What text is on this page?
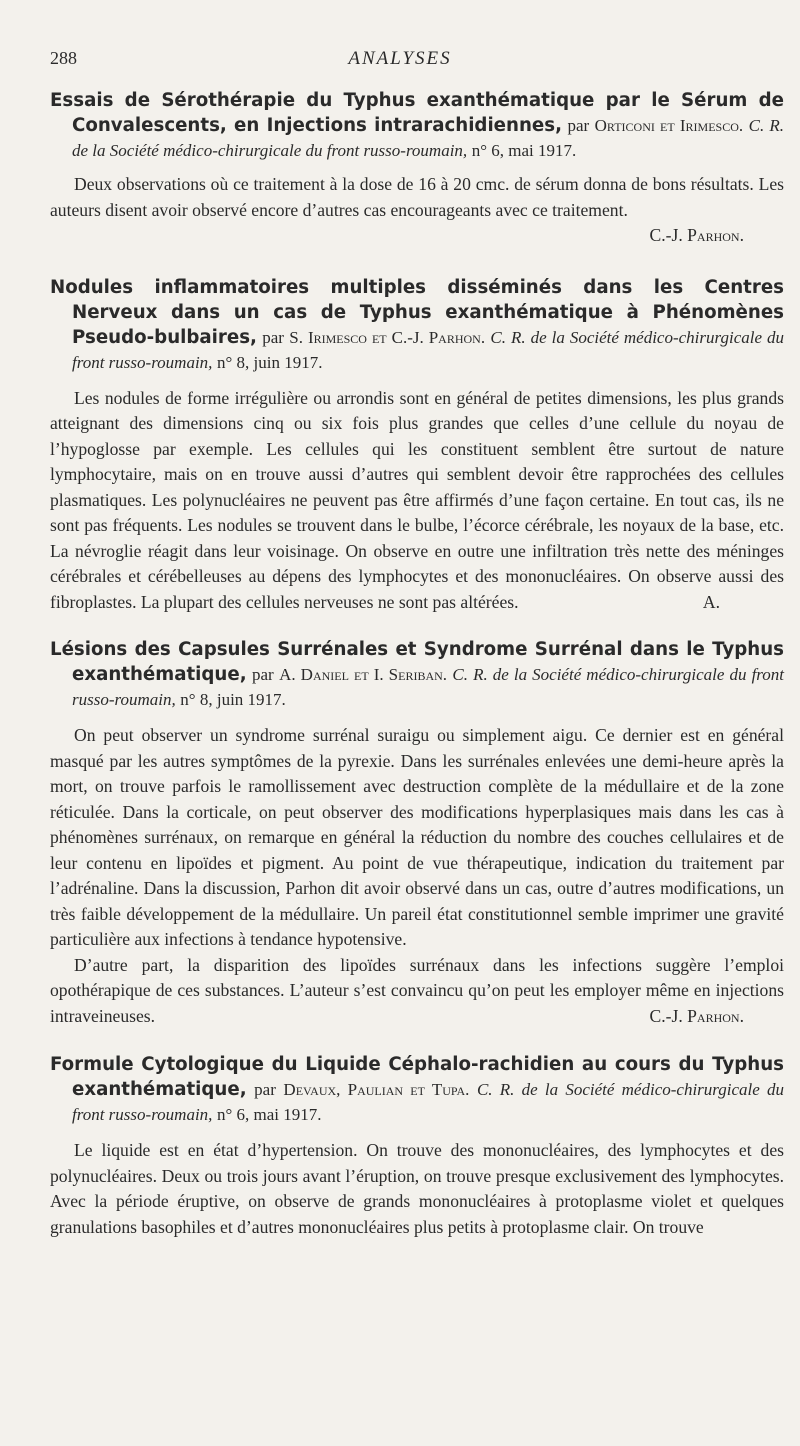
288	ANALYSES

Essais de Sérothérapie du Typhus exanthématique par le Sérum de Convalescents, en Injections intrarachidiennes, par Orticoni et Irimesco. C. R. de la Société médico-chirurgicale du front russo-roumain, n° 6, mai 1917.

Deux observations où ce traitement à la dose de 16 à 20 cmc. de sérum donna de bons résultats. Les auteurs disent avoir observé encore d’autres cas encourageants avec ce traitement.
C.-J. Parhon.

Nodules inflammatoires multiples disséminés dans les Centres Nerveux dans un cas de Typhus exanthématique à Phénomènes Pseudo-bulbaires, par S. Irimesco et C.-J. Parhon. C. R. de la Société médico-chirurgicale du front russo-roumain, n° 8, juin 1917.

Les nodules de forme irrégulière ou arrondis sont en général de petites dimensions, les plus grands atteignant des dimensions cinq ou six fois plus grandes que celles d’une cellule du noyau de l’hypoglosse par exemple. Les cellules qui les constituent semblent être surtout de nature lymphocytaire, mais on en trouve aussi d’autres qui semblent devoir être rapprochées des cellules plasmatiques. Les polynucléaires ne peuvent pas être affirmés d’une façon certaine. En tout cas, ils ne sont pas fréquents. Les nodules se trouvent dans le bulbe, l’écorce cérébrale, les noyaux de la base, etc. La névroglie réagit dans leur voisinage. On observe en outre une infiltration très nette des méninges cérébrales et cérébelleuses au dépens des lymphocytes et des mononucléaires. On observe aussi des fibroplastes. La plupart des cellules nerveuses ne sont pas altérées.	A.

Lésions des Capsules Surrénales et Syndrome Surrénal dans le Typhus exanthématique, par A. Daniel et I. Seriban. C. R. de la Société médico-chirurgicale du front russo-roumain, n° 8, juin 1917.

On peut observer un syndrome surrénal suraigu ou simplement aigu. Ce dernier est en général masqué par les autres symptômes de la pyrexie. Dans les surrénales enlevées une demi-heure après la mort, on trouve parfois le ramollissement avec destruction complète de la médullaire et de la zone réticulée. Dans la corticale, on peut observer des modifications hyperplasiques mais dans les cas à phénomènes surrénaux, on remarque en général la réduction du nombre des couches cellulaires et de leur contenu en lipoïdes et pigment. Au point de vue thérapeutique, indication du traitement par l’adrénaline. Dans la discussion, Parhon dit avoir observé dans un cas, outre d’autres modifications, un très faible développement de la médullaire. Un pareil état constitutionnel semble imprimer une gravité particulière aux infections à tendance hypotensive.

D’autre part, la disparition des lipoïdes surrénaux dans les infections suggère l’emploi opothérapique de ces substances. L’auteur s’est convaincu qu’on peut les employer même en injections intraveineuses.	C.-J. Parhon.

Formule Cytologique du Liquide Céphalo-rachidien au cours du Typhus exanthématique, par Devaux, Paulian et Tupa. C. R. de la Société médico-chirurgicale du front russo-roumain, n° 6, mai 1917.

Le liquide est en état d’hypertension. On trouve des mononucléaires, des lymphocytes et des polynucléaires. Deux ou trois jours avant l’éruption, on trouve presque exclusivement des lymphocytes. Avec la période éruptive, on observe de grands mononucléaires à protoplasme violet et quelques granulations basophiles et d’autres mononucléaires plus petits à protoplasme clair. On trouve
